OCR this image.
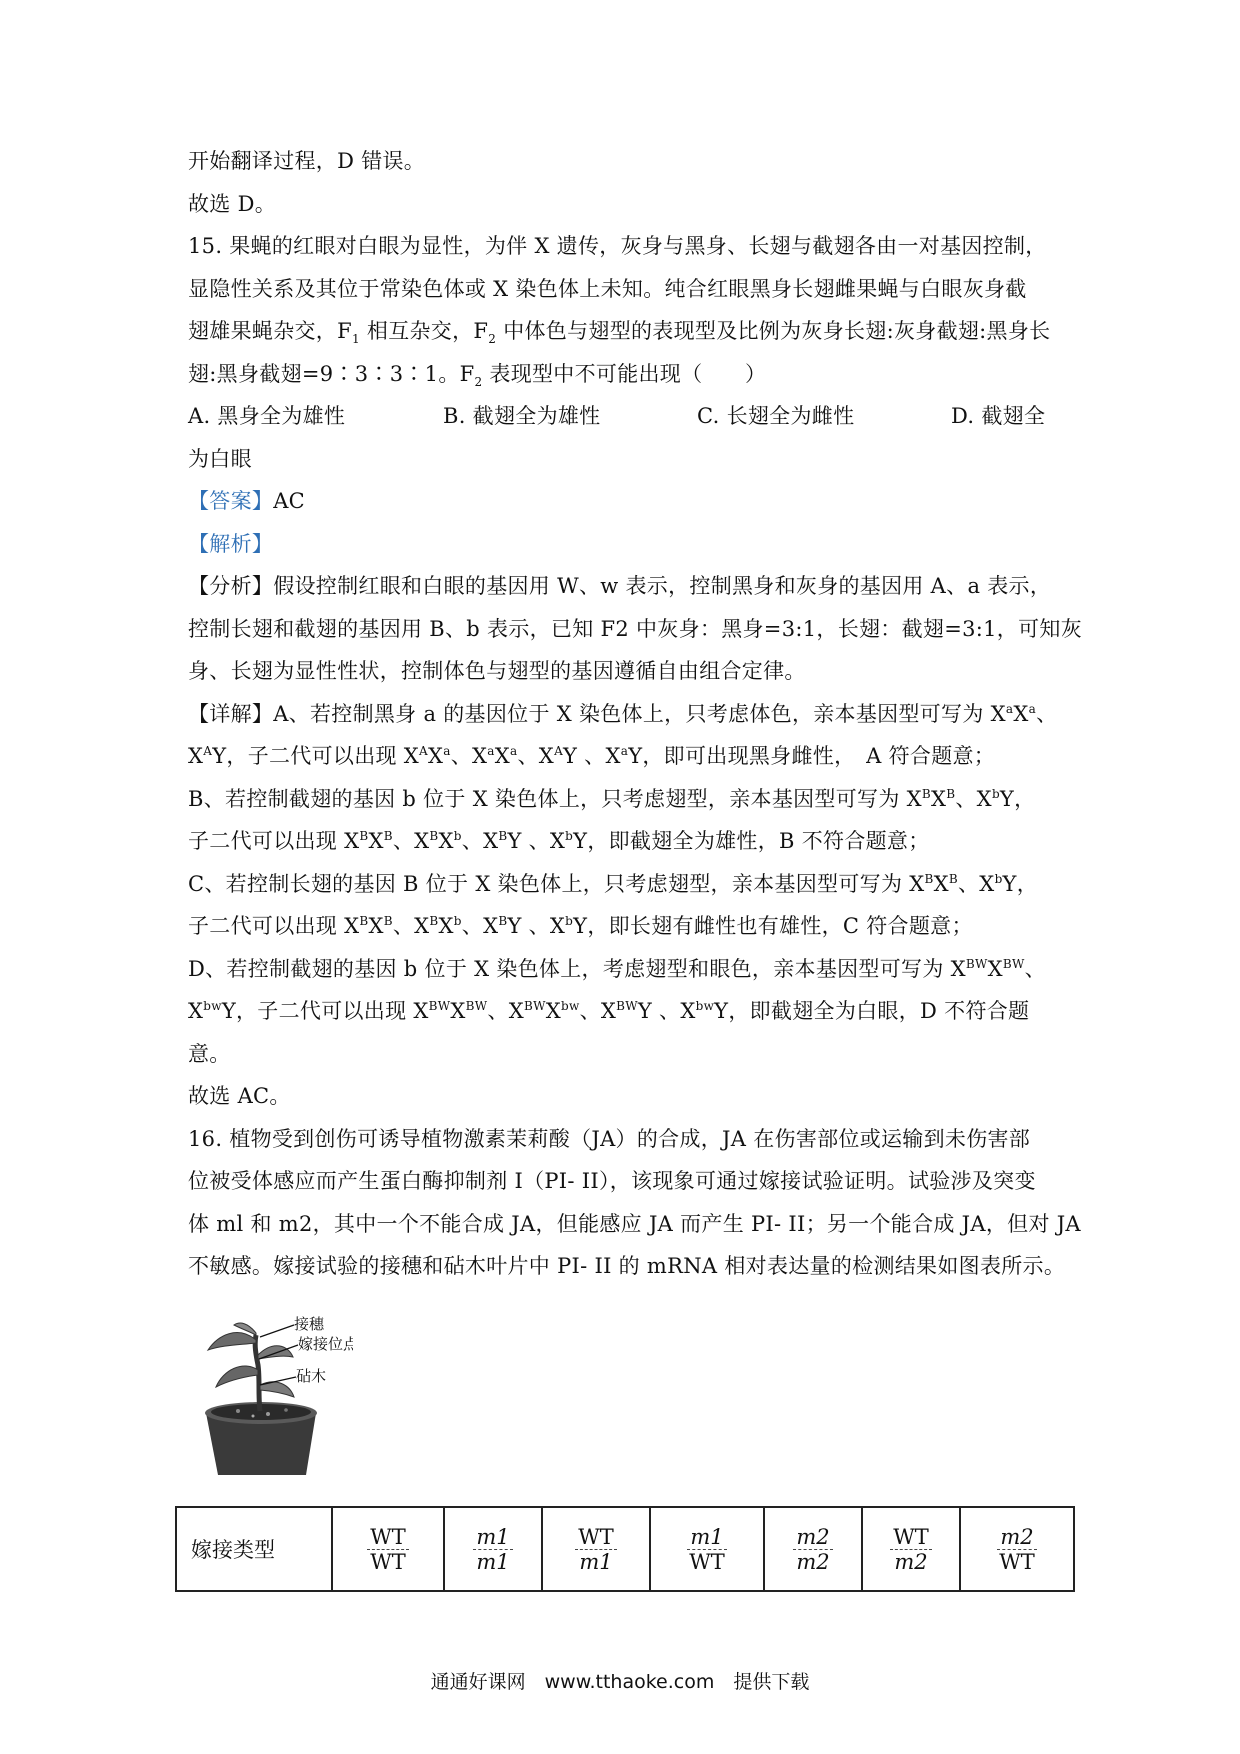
开始翻译过程，D 错误。
故选 D。
15. 果蝇的红眼对白眼为显性，为伴 X 遗传，灰身与黑身、长翅与截翅各由一对基因控制，
显隐性关系及其位于常染色体或 X 染色体上未知。纯合红眼黑身长翅雌果蝇与白眼灰身截
翅雄果蝇杂交，$F_1$ 相互杂交，$F_2$ 中体色与翅型的表现型及比例为灰身长翅:灰身截翅:黑身长
翅:黑身截翅=9∶3∶3∶1。$F_2$ 表现型中不可能出现（　　）
A. 黑身全为雄性	B. 截翅全为雄性	C. 长翅全为雌性	D. 截翅全
为白眼
【答案】AC
【解析】
【分析】假设控制红眼和白眼的基因用 W、w 表示，控制黑身和灰身的基因用 A、a 表示，
控制长翅和截翅的基因用 B、b 表示，已知 F2 中灰身：黑身=3:1，长翅：截翅=3:1，可知灰
身、长翅为显性性状，控制体色与翅型的基因遵循自由组合定律。
【详解】A、若控制黑身 a 的基因位于 X 染色体上，只考虑体色，亲本基因型可写为 $X^aX^a$、
$X^AY$，子二代可以出现 $X^AX^a$、$X^aX^a$、$X^AY$ 、$X^aY$，即可出现黑身雌性，　A 符合题意；
B、若控制截翅的基因 b 位于 X 染色体上，只考虑翅型，亲本基因型可写为 $X^BX^B$、$X^bY$，
子二代可以出现 $X^BX^B$、$X^BX^b$、$X^BY$ 、$X^bY$，即截翅全为雄性，B 不符合题意；
C、若控制长翅的基因 B 位于 X 染色体上，只考虑翅型，亲本基因型可写为 $X^BX^B$、$X^bY$，
子二代可以出现 $X^BX^B$、$X^BX^b$、$X^BY$ 、$X^bY$，即长翅有雌性也有雄性，C 符合题意；
D、若控制截翅的基因 b 位于 X 染色体上，考虑翅型和眼色，亲本基因型可写为 $X^{BW}X^{BW}$、
$X^{bw}Y$，子二代可以出现 $X^{BW}X^{BW}$、$X^{BW}X^{bw}$、$X^{BW}Y$ 、$X^{bw}Y$，即截翅全为白眼，D 不符合题
意。
故选 AC。
16. 植物受到创伤可诱导植物激素茉莉酸（JA）的合成，JA 在伤害部位或运输到未伤害部
位被受体感应而产生蛋白酶抑制剂 I（PI- II），该现象可通过嫁接试验证明。试验涉及突变
体 ml 和 m2，其中一个不能合成 JA，但能感应 JA 而产生 PI- II；另一个能合成 JA，但对 JA
不敏感。嫁接试验的接穗和砧木叶片中 PI- II 的 mRNA 相对表达量的检测结果如图表所示。
接穗
嫁接位点
砧木
嫁接类型	$\frac{WT}{WT}$	$\frac{m1}{m1}$	$\frac{WT}{m1}$	$\frac{m1}{WT}$	$\frac{m2}{m2}$	$\frac{WT}{m2}$	$\frac{m2}{WT}$
通通好课网　www.tthaoke.com　提供下载
